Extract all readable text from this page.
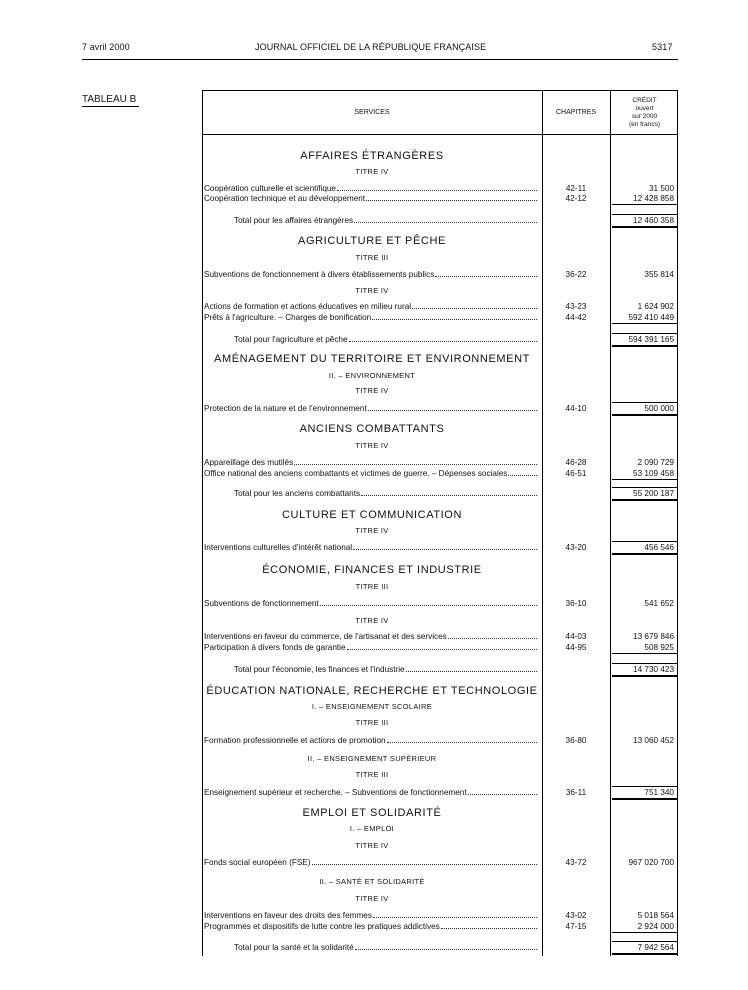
7 avril 2000	JOURNAL OFFICIEL DE LA RÉPUBLIQUE FRANÇAISE	5317
TABLEAU B
SERVICES	CHAPITRES
CRÉDIT
ouvert
sur 2000
(en francs)
AFFAIRES ÉTRANGÈRES
TITRE IV
Coopération culturelle et scientifique	42-11	31 500
Coopération technique et au développement	42-12	12 428 858
Total pour les affaires étrangères	12 460 358
AGRICULTURE ET PÊCHE
TITRE III
Subventions de fonctionnement à divers établissements publics	36-22	355 814
TITRE IV
Actions de formation et actions éducatives en milieu rural	43-23	1 624 902
Prêts à l'agriculture. – Charges de bonification	44-42	592 410 449
Total pour l'agriculture et pêche	594 391 165
AMÉNAGEMENT DU TERRITOIRE ET ENVIRONNEMENT
II. – ENVIRONNEMENT
TITRE IV
Protection de la nature et de l'environnement	44-10	500 000
ANCIENS COMBATTANTS
TITRE IV
Appareillage des mutilés	46-28	2 090 729
Office national des anciens combattants et victimes de guerre. – Dépenses sociales	46-51	53 109 458
Total pour les anciens combattants	55 200 187
CULTURE ET COMMUNICATION
TITRE IV
Interventions culturelles d'intérêt national	43-20	456 546
ÉCONOMIE, FINANCES ET INDUSTRIE
TITRE III
Subventions de fonctionnement	36-10	541 652
TITRE IV
Interventions en faveur du commerce, de l'artisanat et des services	44-03	13 679 846
Participation à divers fonds de garantie	44-95	508 925
Total pour l'économie, les finances et l'industrie	14 730 423
ÉDUCATION NATIONALE, RECHERCHE ET TECHNOLOGIE
I. – ENSEIGNEMENT SCOLAIRE
TITRE III
Formation professionnelle et actions de promotion	36-80	13 060 452
II. – ENSEIGNEMENT SUPÉRIEUR
TITRE III
Enseignement supérieur et recherche. – Subventions de fonctionnement	36-11	751 340
EMPLOI ET SOLIDARITÉ
I. – EMPLOI
TITRE IV
Fonds social européen (FSE)	43-72	967 020 700
II. – SANTÉ ET SOLIDARITÉ
TITRE IV
Interventions en faveur des droits des femmes	43-02	5 018 564
Programmes et dispositifs de lutte contre les pratiques addictives	47-15	2 924 000
Total pour la santé et la solidarité	7 942 564
